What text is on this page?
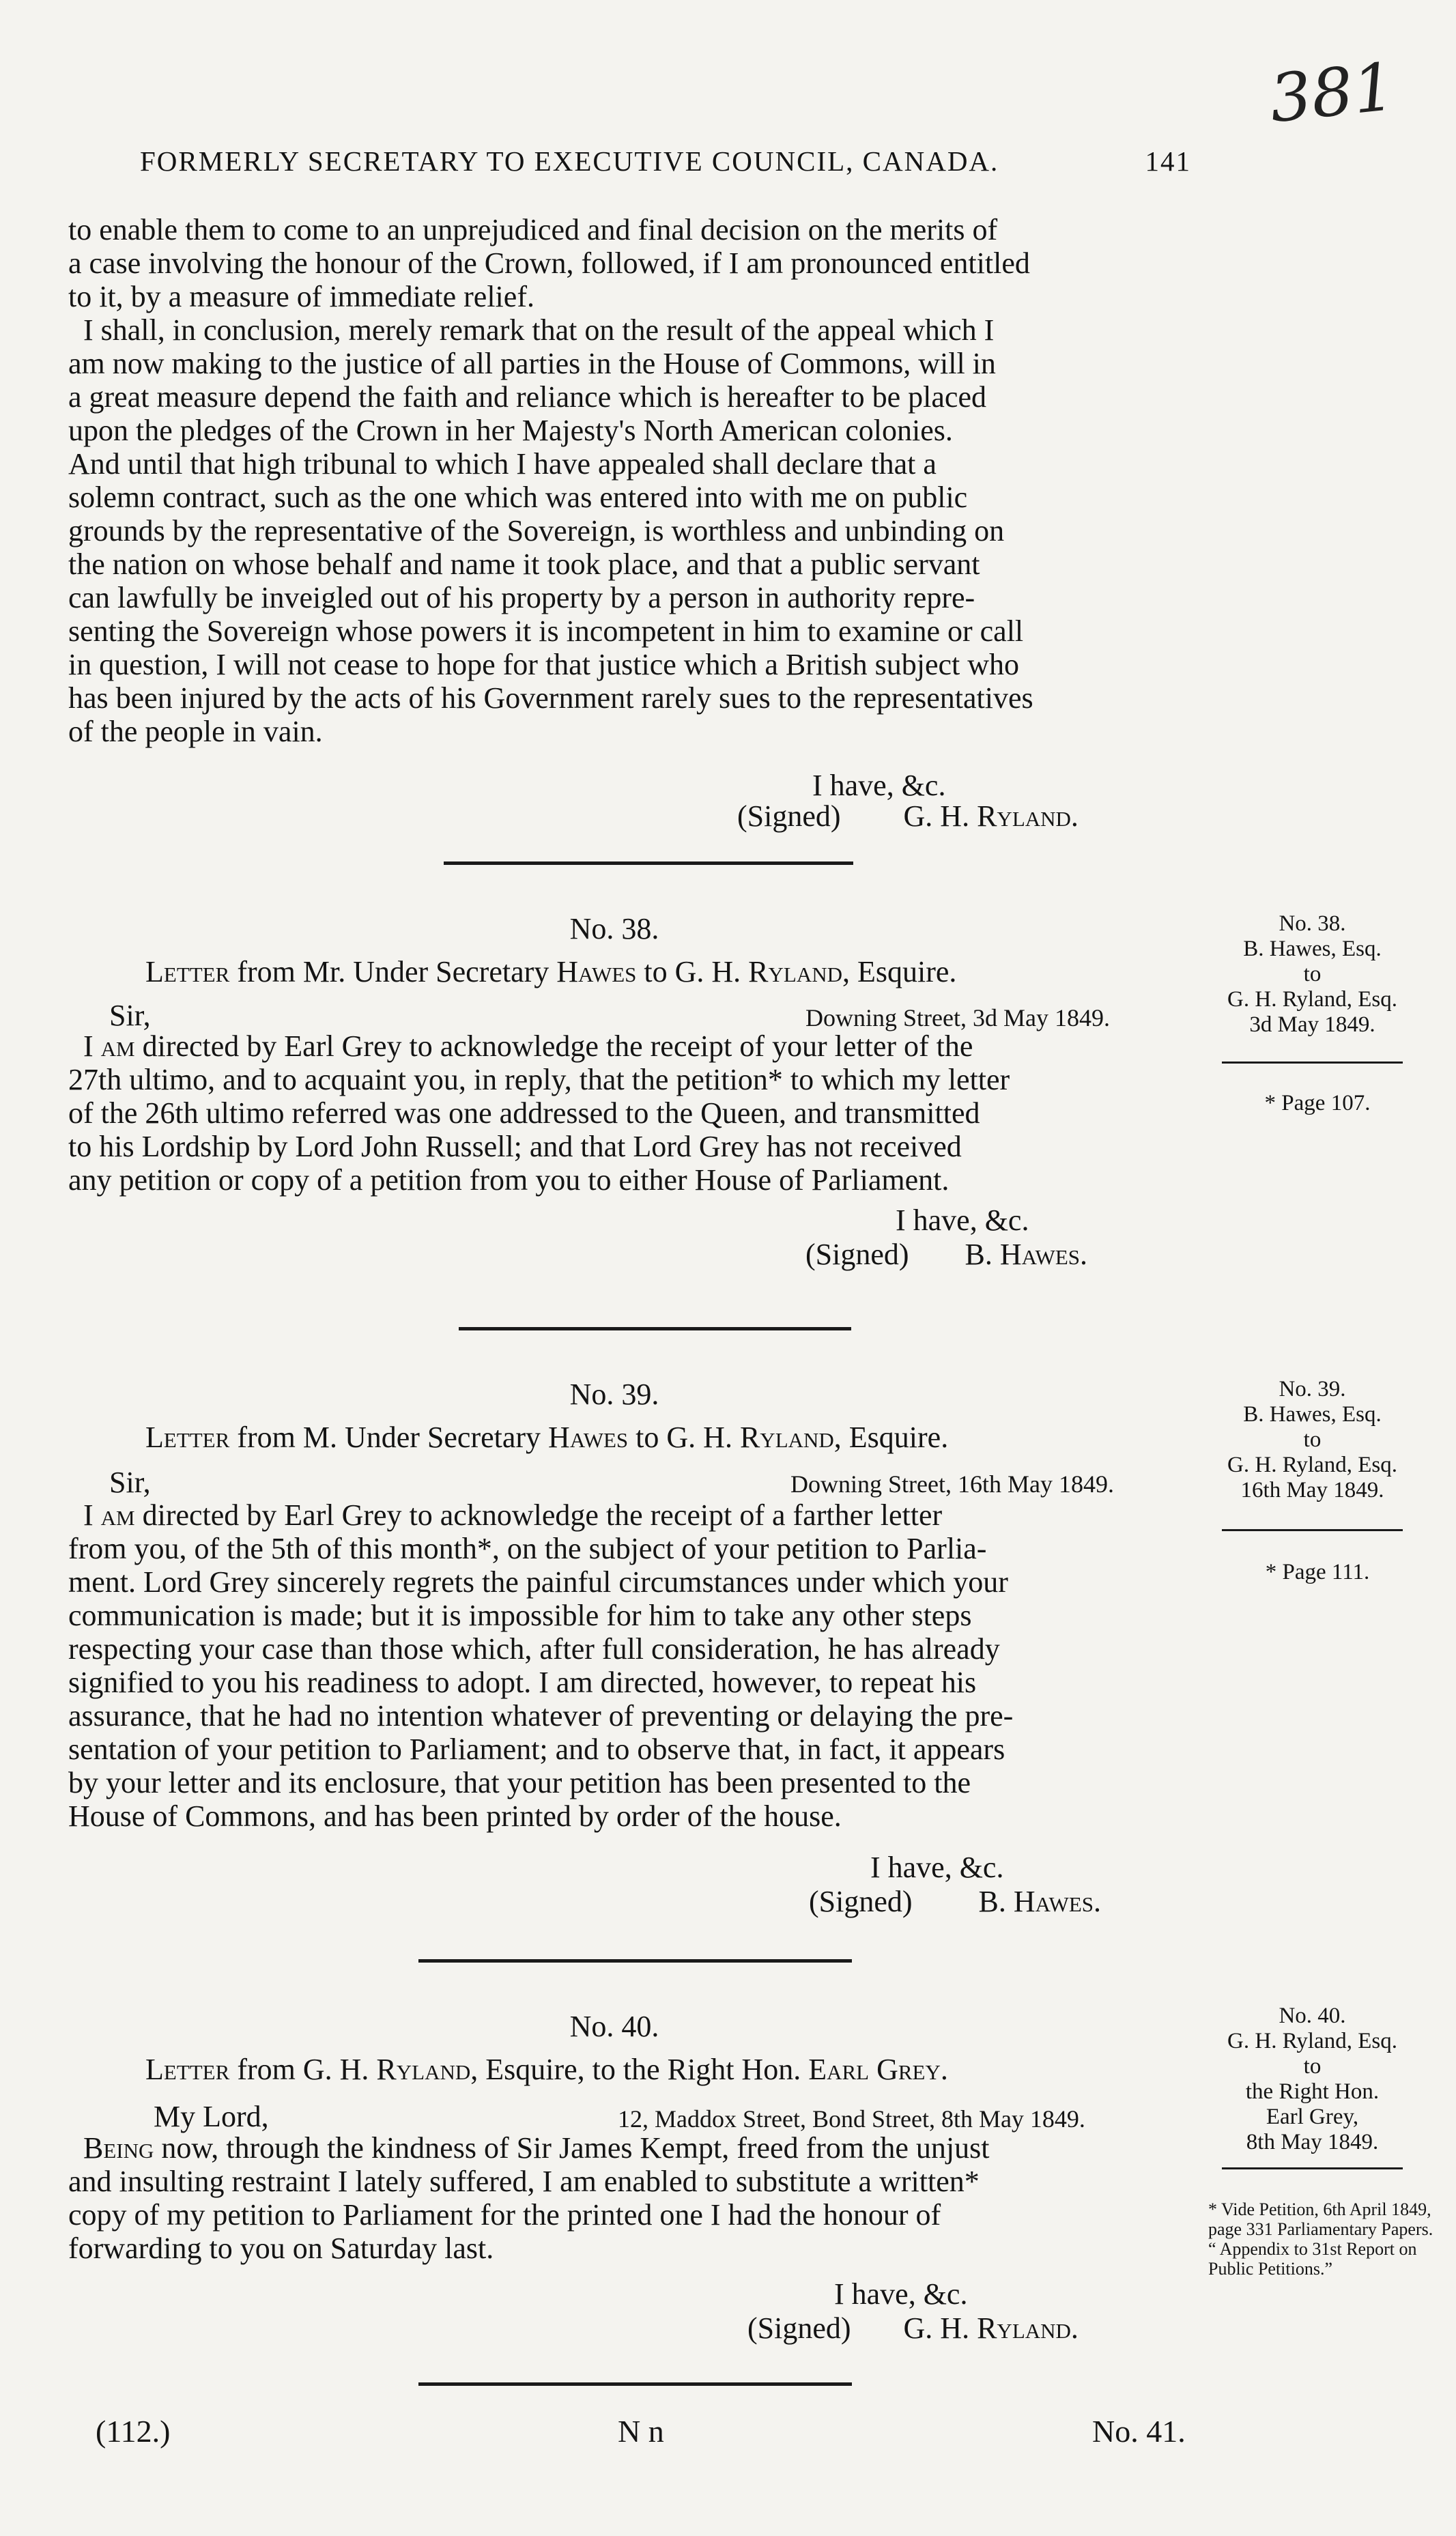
381
FORMERLY SECRETARY TO EXECUTIVE COUNCIL, CANADA.	141

to enable them to come to an unprejudiced and final decision on the merits of

a case involving the honour of the Crown, followed, if I am pronounced entitled

to it, by a measure of immediate relief.

I shall, in conclusion, merely remark that on the result of the appeal which I

am now making to the justice of all parties in the House of Commons, will in

a great measure depend the faith and reliance which is hereafter to be placed

upon the pledges of the Crown in her Majesty's North American colonies.

And until that high tribunal to which I have appealed shall declare that a

solemn contract, such as the one which was entered into with me on public

grounds by the representative of the Sovereign, is worthless and unbinding on

the nation on whose behalf and name it took place, and that a public servant

can lawfully be inveigled out of his property by a person in authority repre-

senting the Sovereign whose powers it is incompetent in him to examine or call

in question, I will not cease to hope for that justice which a British subject who

has been injured by the acts of his Government rarely sues to the representatives

of the people in vain.

I have, &c.
(Signed) G. H. Ryland.
No. 38.
Letter from Mr. Under Secretary Hawes to G. H. Ryland, Esquire.
Sir,	Downing Street, 3d May 1849.

I am directed by Earl Grey to acknowledge the receipt of your letter of the

27th ultimo, and to acquaint you, in reply, that the petition* to which my letter

of the 26th ultimo referred was one addressed to the Queen, and transmitted

to his Lordship by Lord John Russell; and that Lord Grey has not received

any petition or copy of a petition from you to either House of Parliament.

I have, &c.
(Signed) B. Hawes.
No. 38.
B. Hawes, Esq.
to
G. H. Ryland, Esq.
3d May 1849.
* Page 107.
No. 39.
Letter from M. Under Secretary Hawes to G. H. Ryland, Esquire.
Sir,	Downing Street, 16th May 1849.

I am directed by Earl Grey to acknowledge the receipt of a farther letter

from you, of the 5th of this month*, on the subject of your petition to Parlia-

ment. Lord Grey sincerely regrets the painful circumstances under which your

communication is made; but it is impossible for him to take any other steps

respecting your case than those which, after full consideration, he has already

signified to you his readiness to adopt. I am directed, however, to repeat his

assurance, that he had no intention whatever of preventing or delaying the pre-

sentation of your petition to Parliament; and to observe that, in fact, it appears

by your letter and its enclosure, that your petition has been presented to the

House of Commons, and has been printed by order of the house.

I have, &c.
(Signed) B. Hawes.
No. 39.
B. Hawes, Esq.
to
G. H. Ryland, Esq.
16th May 1849.
* Page 111.
No. 40.
Letter from G. H. Ryland, Esquire, to the Right Hon. Earl Grey.
My Lord,	12, Maddox Street, Bond Street, 8th May 1849.

Being now, through the kindness of Sir James Kempt, freed from the unjust

and insulting restraint I lately suffered, I am enabled to substitute a written*

copy of my petition to Parliament for the printed one I had the honour of

forwarding to you on Saturday last.

I have, &c.
(Signed) G. H. Ryland.
No. 40.
G. H. Ryland, Esq.
to
the Right Hon.
Earl Grey,
8th May 1849.
* Vide Petition, 6th April 1849, page 331 Parliamentary Papers. “ Appendix to 31st Report on Public Petitions.”
(112.)	N n	No. 41.
